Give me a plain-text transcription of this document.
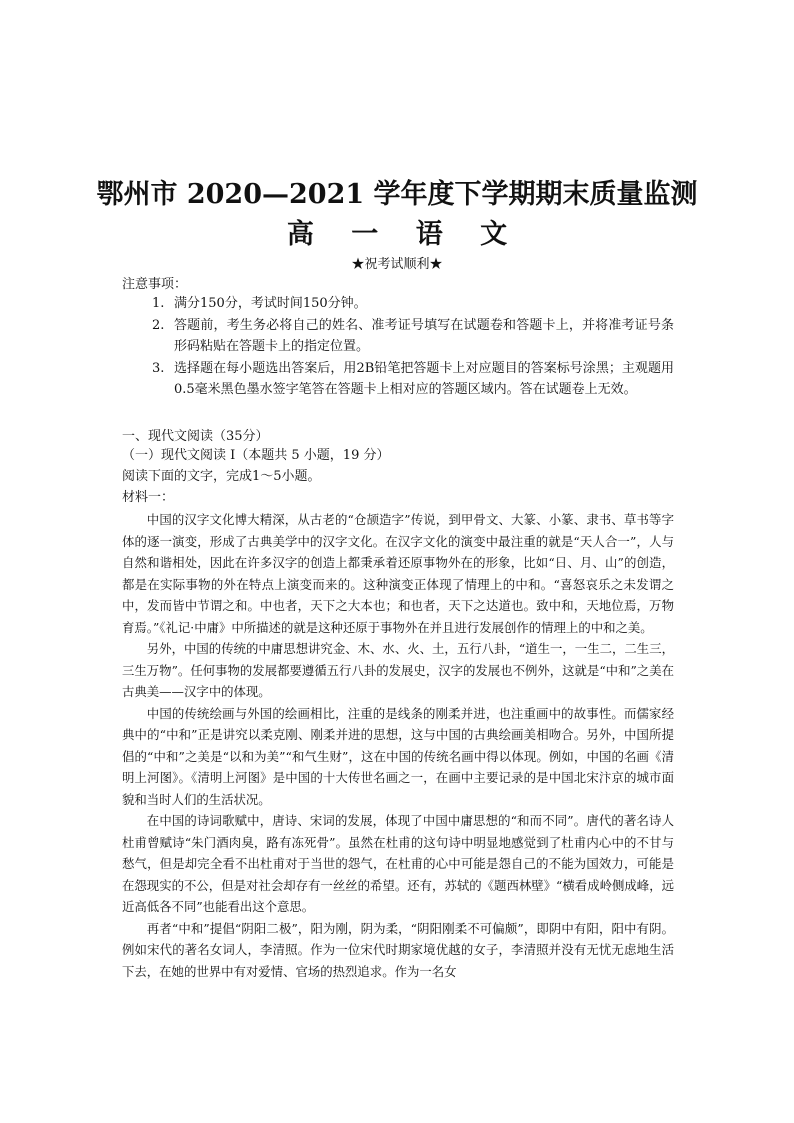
鄂州市 2020—2021 学年度下学期期末质量监测
高 一 语 文
★祝考试顺利★
注意事项：
1. 满分150分，考试时间150分钟。
2. 答题前，考生务必将自己的姓名、准考证号填写在试题卷和答题卡上，并将准考证号条形码粘贴在答题卡上的指定位置。
3. 选择题在每小题选出答案后，用2B铅笔把答题卡上对应题目的答案标号涂黑；主观题用0.5毫米黑色墨水签字笔答在答题卡上相对应的答题区域内。答在试题卷上无效。
一、现代文阅读（35分）
（一）现代文阅读 I（本题共 5 小题，19 分）
阅读下面的文字，完成1～5小题。
材料一：

中国的汉字文化博大精深，从古老的“仓颉造字”传说，到甲骨文、大篆、小篆、隶书、草书等字体的逐一演变，形成了古典美学中的汉字文化。在汉字文化的演变中最注重的就是“天人合一”，人与自然和谐相处，因此在许多汉字的创造上都秉承着还原事物外在的形象，比如“日、月、山”的创造，都是在实际事物的外在特点上演变而来的。这种演变正体现了情理上的中和。“喜怒哀乐之未发谓之中，发而皆中节谓之和。中也者，天下之大本也；和也者，天下之达道也。致中和，天地位焉，万物育焉。”《礼记·中庸》中所描述的就是这种还原于事物外在并且进行发展创作的情理上的中和之美。

另外，中国的传统的中庸思想讲究金、木、水、火、土，五行八卦，“道生一，一生二，二生三，三生万物”。任何事物的发展都要遵循五行八卦的发展史，汉字的发展也不例外，这就是“中和”之美在古典美——汉字中的体现。

中国的传统绘画与外国的绘画相比，注重的是线条的刚柔并进，也注重画中的故事性。而儒家经典中的“中和”正是讲究以柔克刚、刚柔并进的思想，这与中国的古典绘画美相吻合。另外，中国所提倡的“中和”之美是“以和为美”“和气生财”，这在中国的传统名画中得以体现。例如，中国的名画《清明上河图》。《清明上河图》是中国的十大传世名画之一，在画中主要记录的是中国北宋汴京的城市面貌和当时人们的生活状况。

在中国的诗词歌赋中，唐诗、宋词的发展，体现了中国中庸思想的“和而不同”。唐代的著名诗人杜甫曾赋诗“朱门酒肉臭，路有冻死骨”。虽然在杜甫的这句诗中明显地感觉到了杜甫内心中的不甘与愁气，但是却完全看不出杜甫对于当世的怨气，在杜甫的心中可能是怨自己的不能为国效力，可能是在怨现实的不公，但是对社会却存有一丝丝的希望。还有，苏轼的《题西林壁》“横看成岭侧成峰，远近高低各不同”也能看出这个意思。

再者“中和”提倡“阴阳二极”，阳为刚，阴为柔，“阴阳刚柔不可偏颇”，即阴中有阳，阳中有阴。例如宋代的著名女词人，李清照。作为一位宋代时期家境优越的女子，李清照并没有无忧无虑地生活下去，在她的世界中有对爱情、官场的热烈追求。作为一名女
